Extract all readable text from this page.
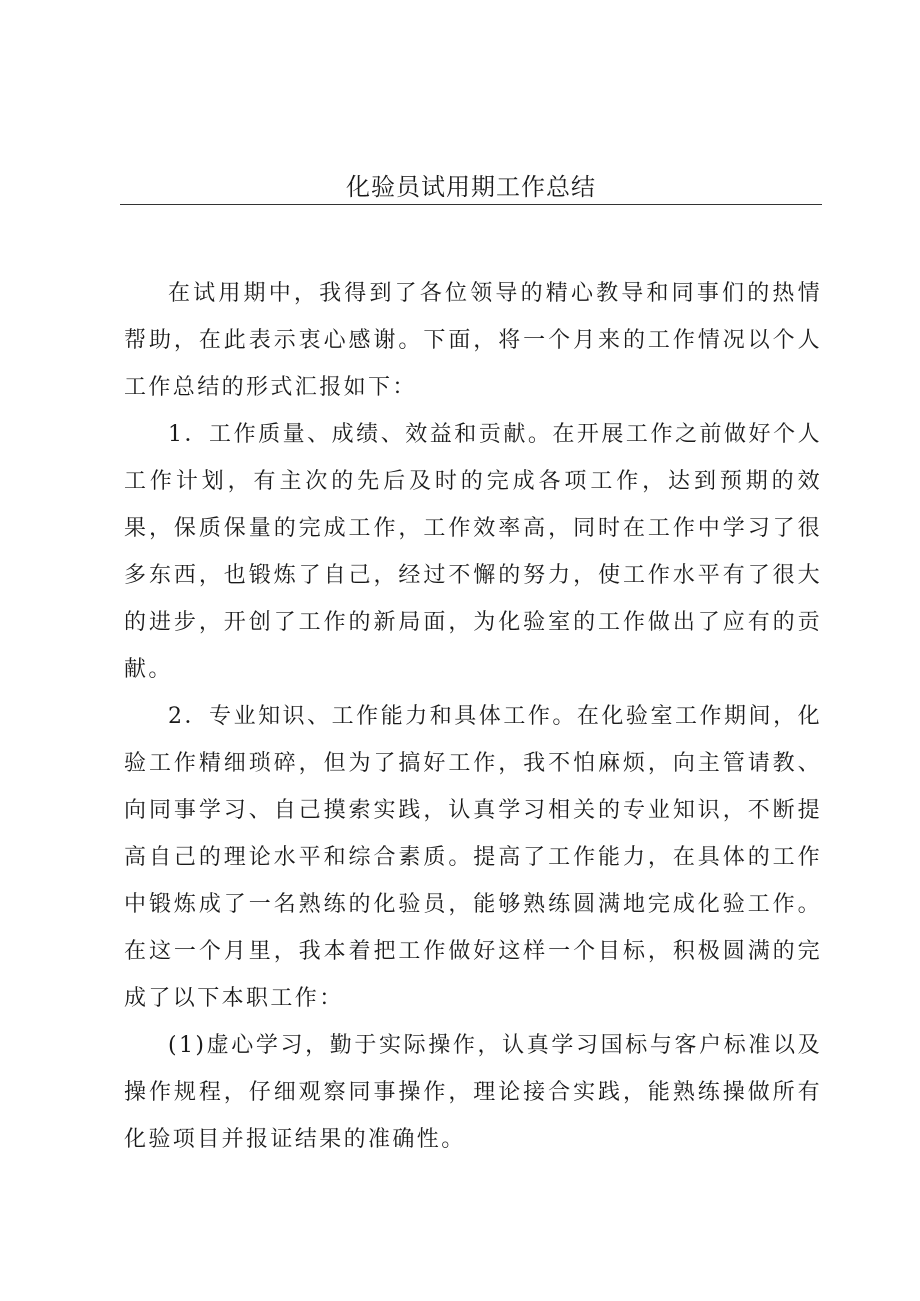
化验员试用期工作总结

在试用期中，我得到了各位领导的精心教导和同事们的热情帮助，在此表示衷心感谢。下面，将一个月来的工作情况以个人工作总结的形式汇报如下：

1．工作质量、成绩、效益和贡献。在开展工作之前做好个人工作计划，有主次的先后及时的完成各项工作，达到预期的效果，保质保量的完成工作，工作效率高，同时在工作中学习了很多东西，也锻炼了自己，经过不懈的努力，使工作水平有了很大的进步，开创了工作的新局面，为化验室的工作做出了应有的贡献。

2．专业知识、工作能力和具体工作。在化验室工作期间，化验工作精细琐碎，但为了搞好工作，我不怕麻烦，向主管请教、向同事学习、自己摸索实践，认真学习相关的专业知识，不断提高自己的理论水平和综合素质。提高了工作能力，在具体的工作中锻炼成了一名熟练的化验员，能够熟练圆满地完成化验工作。在这一个月里，我本着把工作做好这样一个目标，积极圆满的完成了以下本职工作：

(1)虚心学习，勤于实际操作，认真学习国标与客户标准以及操作规程，仔细观察同事操作，理论接合实践，能熟练操做所有化验项目并报证结果的准确性。
